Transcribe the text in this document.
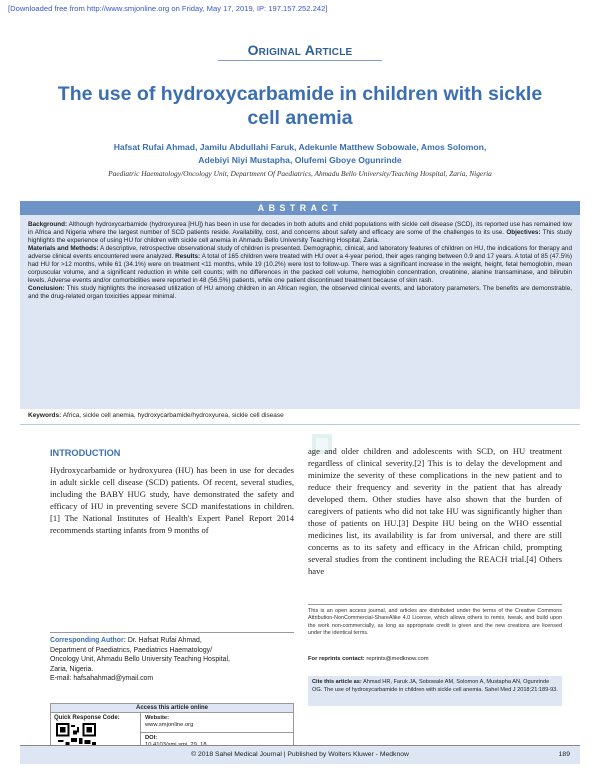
[Downloaded free from http://www.smjonline.org on Friday, May 17, 2019, IP: 197.157.252.242]
Original Article
The use of hydroxycarbamide in children with sickle cell anemia
Hafsat Rufai Ahmad, Jamilu Abdullahi Faruk, Adekunle Matthew Sobowale, Amos Solomon,
Adebiyi Niyi Mustapha, Olufemi Gboye Ogunrinde
Paediatric Haematology/Oncology Unit, Department Of Paediatrics, Ahmadu Bello University/Teaching Hospital, Zaria, Nigeria
ABSTRACT

Background: Although hydroxycarbamide (hydroxyurea [HU]) has been in use for decades in both adults and child populations with sickle cell disease (SCD), its reported use has remained low in Africa and Nigeria where the largest number of SCD patients reside. Availability, cost, and concerns about safety and efficacy are some of the challenges to its use. Objectives: This study highlights the experience of using HU for children with sickle cell anemia in Ahmadu Bello University Teaching Hospital, Zaria.

Materials and Methods: A descriptive, retrospective observational study of children is presented. Demographic, clinical, and laboratory features of children on HU, the indications for therapy and adverse clinical events encountered were analyzed. Results: A total of 165 children were treated with HU over a 4-year period, their ages ranging between 0.9 and 17 years. A total of 85 (47.5%) had HU for >12 months, while 61 (34.1%) were on treatment <11 months, while 19 (10.2%) were lost to follow-up. There was a significant increase in the weight, height, fetal hemoglobin, mean corpuscular volume, and a significant reduction in white cell counts; with no differences in the packed cell volume, hemoglobin concentration, creatinine, alanine transaminase, and bilirubin levels. Adverse events and/or comorbidities were reported in 48 (56.5%) patients, while one patient discontinued treatment because of skin rash.

Conclusion: This study highlights the increased utilization of HU among children in an African region, the observed clinical events, and laboratory parameters. The benefits are demonstrable, and the drug-related organ toxicities appear minimal.

Keywords: Africa, sickle cell anemia, hydroxycarbamide/hydroxyurea, sickle cell disease
INTRODUCTION
Hydroxycarbamide or hydroxyurea (HU) has been in use for decades in adult sickle cell disease (SCD) patients. Of recent, several studies, including the BABY HUG study, have demonstrated the safety and efficacy of HU in preventing severe SCD manifestations in children.[1] The National Institutes of Health's Expert Panel Report 2014 recommends starting infants from 9 months of
age and older children and adolescents with SCD, on HU treatment regardless of clinical severity.[2] This is to delay the development and minimize the severity of these complications in the new patient and to reduce their frequency and severity in the patient that has already developed them. Other studies have also shown that the burden of caregivers of patients who did not take HU was significantly higher than those of patients on HU.[3] Despite HU being on the WHO essential medicines list, its availability is far from universal, and there are still concerns as to its safety and efficacy in the African child, prompting several studies from the continent including the REACH trial.[4] Others have
Corresponding Author: Dr. Hafsat Rufai Ahmad,
Department of Paediatrics, Paediatrics Haematology/
Oncology Unit, Ahmadu Bello University Teaching Hospital,
Zaria, Nigeria.
E-mail: hafsahahmad@ymail.com
Access this article online
Quick Response Code:	Website:
www.smjonline.org
DOI:
This is an open access journal, and articles are distributed under the terms of the Creative Commons Attribution-NonCommercial-ShareAlike 4.0 License, which allows others to remix, tweak, and build upon the work non-commercially, as long as appropriate credit is given and the new creations are licensed under the identical terms.
For reprints contact: reprints@medknow.com
Cite this article as: Ahmad HR, Faruk JA, Sobowale AM, Solomon A, Mustapha AN, Ogunrinde OG. The use of hydroxycarbamide in children with sickle cell anemia. Sahel Med J 2018;21:189-93.
© 2018 Sahel Medical Journal | Published by Wolters Kluwer - Medknow	189
